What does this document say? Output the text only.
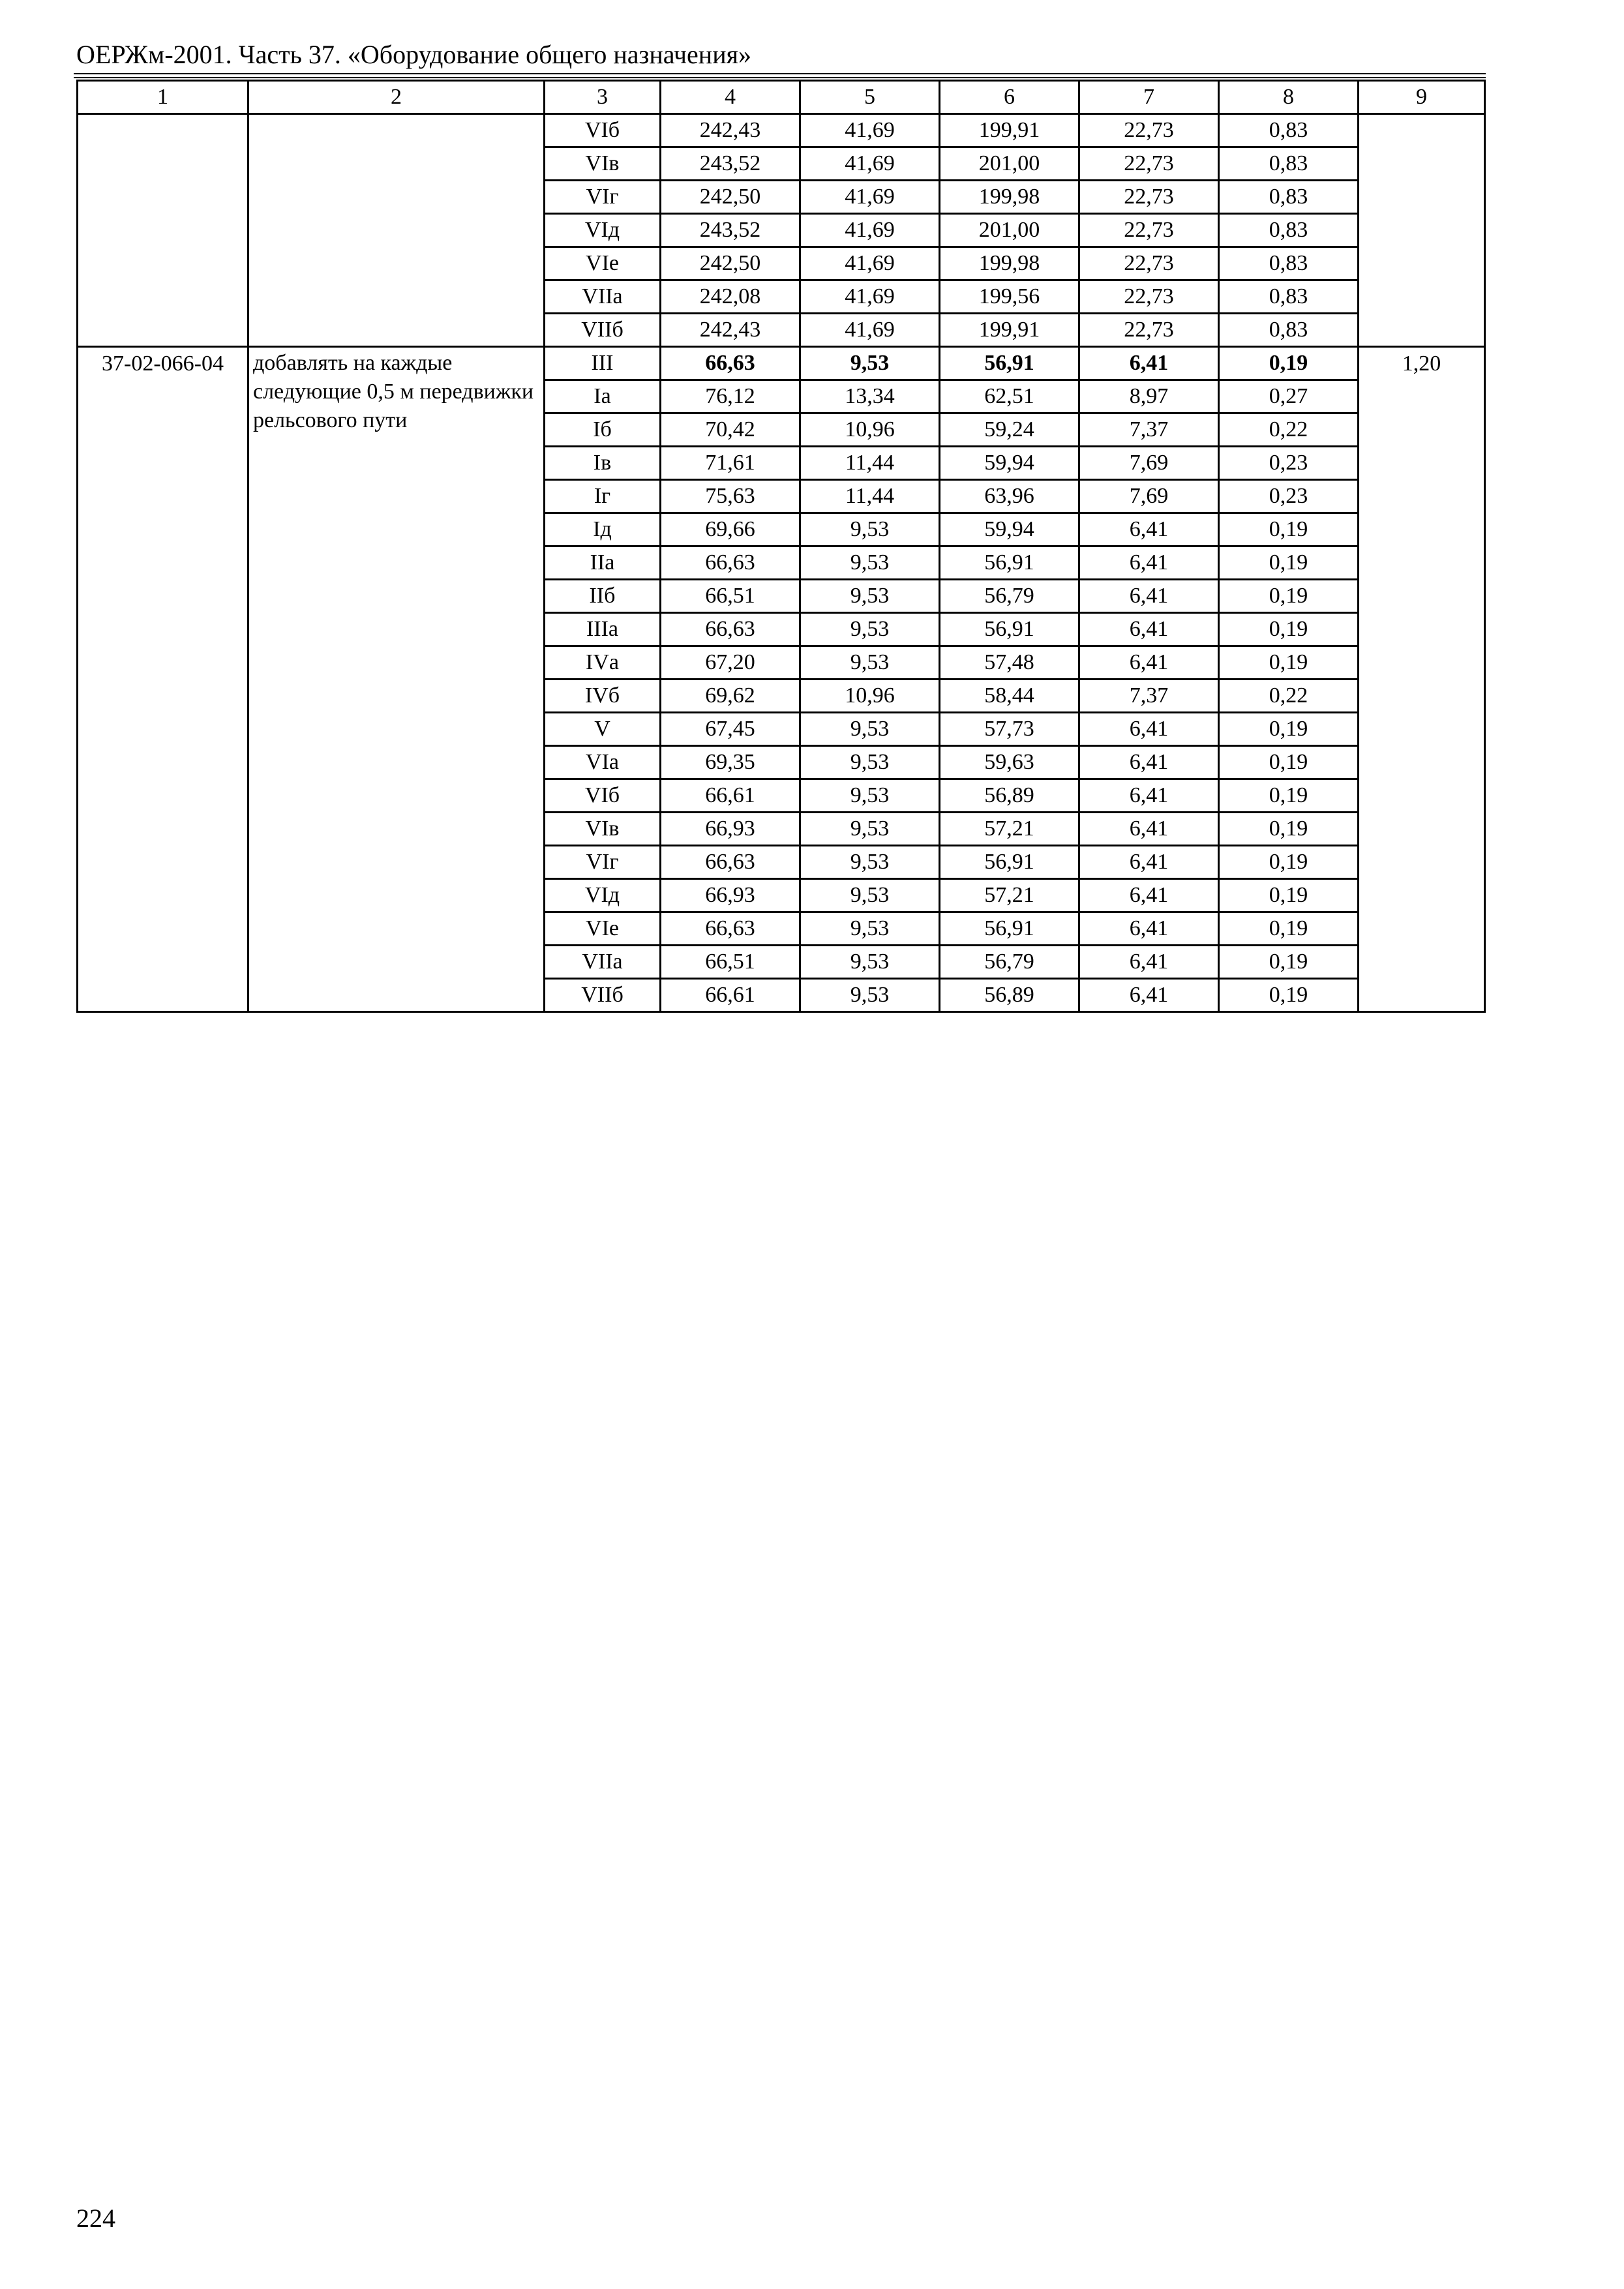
ОЕРЖм-2001. Часть 37. «Оборудование общего назначения»
1	2	3	4	5	6	7	8	9
		VIб	242,43	41,69	199,91	22,73	0,83	
		VIв	243,52	41,69	201,00	22,73	0,83	
		VIг	242,50	41,69	199,98	22,73	0,83	
		VIд	243,52	41,69	201,00	22,73	0,83	
		VIе	242,50	41,69	199,98	22,73	0,83	
		VIIа	242,08	41,69	199,56	22,73	0,83	
		VIIб	242,43	41,69	199,91	22,73	0,83	
37-02-066-04	добавлять на каждые следующие 0,5 м передвижки рельсового пути	III	66,63	9,53	56,91	6,41	0,19	1,20
		Iа	76,12	13,34	62,51	8,97	0,27	
		Iб	70,42	10,96	59,24	7,37	0,22	
		Iв	71,61	11,44	59,94	7,69	0,23	
		Iг	75,63	11,44	63,96	7,69	0,23	
		Iд	69,66	9,53	59,94	6,41	0,19	
		IIа	66,63	9,53	56,91	6,41	0,19	
		IIб	66,51	9,53	56,79	6,41	0,19	
		IIIа	66,63	9,53	56,91	6,41	0,19	
		IVа	67,20	9,53	57,48	6,41	0,19	
		IVб	69,62	10,96	58,44	7,37	0,22	
		V	67,45	9,53	57,73	6,41	0,19	
		VIа	69,35	9,53	59,63	6,41	0,19	
		VIб	66,61	9,53	56,89	6,41	0,19	
		VIв	66,93	9,53	57,21	6,41	0,19	
		VIг	66,63	9,53	56,91	6,41	0,19	
		VIд	66,93	9,53	57,21	6,41	0,19	
		VIе	66,63	9,53	56,91	6,41	0,19	
		VIIа	66,51	9,53	56,79	6,41	0,19	
		VIIб	66,61	9,53	56,89	6,41	0,19	
224
